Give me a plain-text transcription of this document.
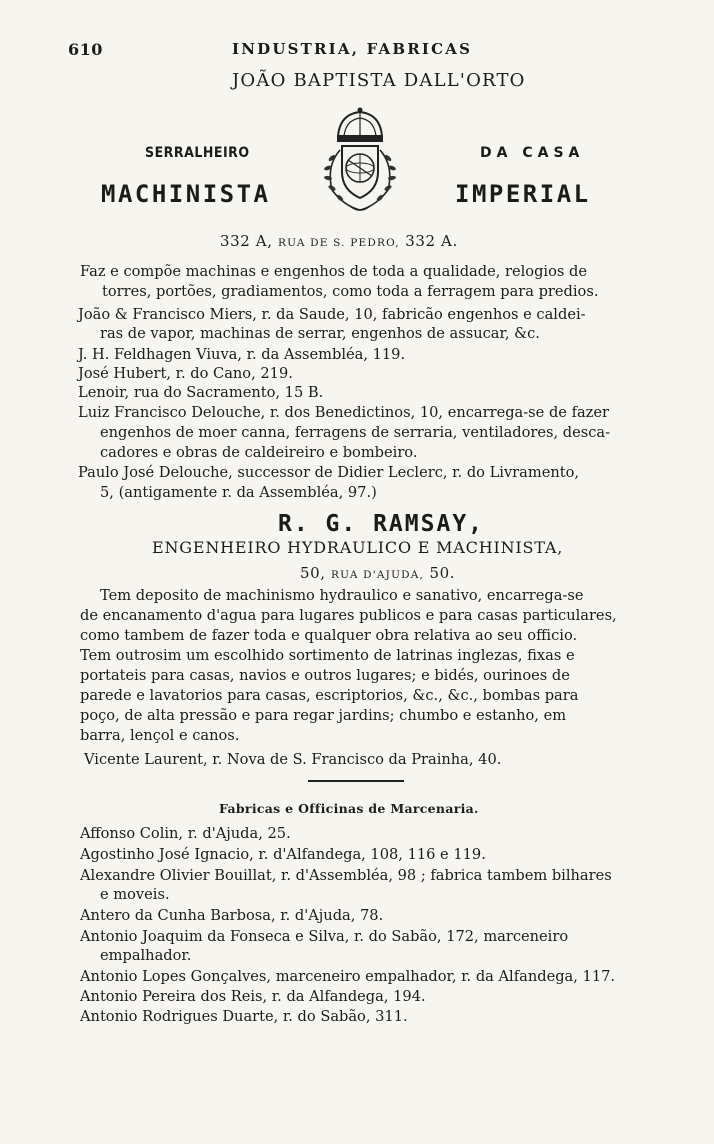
610	INDUSTRIA, FABRICAS
JOÃO BAPTISTA DALL'ORTO
SERRALHEIRO	DA CASA
MACHINISTA	IMPERIAL
332 A, RUA DE S. PEDRO, 332 A.
Faz e compõe machinas e engenhos de toda a qualidade, relogios de
torres, portões, gradiamentos, como toda a ferragem para predios.
João & Francisco Miers, r. da Saude, 10, fabricão engenhos e caldei-
ras de vapor, machinas de serrar, engenhos de assucar, &c.
J. H. Feldhagen Viuva, r. da Assembléa, 119.
José Hubert, r. do Cano, 219.
Lenoir, rua do Sacramento, 15 B.
Luiz Francisco Delouche, r. dos Benedictinos, 10, encarrega-se de fazer
engenhos de moer canna, ferragens de serraria, ventiladores, desca-
cadores e obras de caldeireiro e bombeiro.
Paulo José Delouche, successor de Didier Leclerc, r. do Livramento,
5, (antigamente r. da Assembléa, 97.)
R. G. RAMSAY,
ENGENHEIRO HYDRAULICO E MACHINISTA,
50, RUA D'AJUDA, 50.
Tem deposito de machinismo hydraulico e sanativo, encarrega-se
de encanamento d'agua para lugares publicos e para casas particulares,
como tambem de fazer toda e qualquer obra relativa ao seu officio.
Tem outrosim um escolhido sortimento de latrinas inglezas, fixas e
portateis para casas, navios e outros lugares; e bidés, ourinoes de
parede e lavatorios para casas, escriptorios, &c., &c., bombas para
poço, de alta pressão e para regar jardins; chumbo e estanho, em
barra, lençol e canos.
Vicente Laurent, r. Nova de S. Francisco da Prainha, 40.
Fabricas e Officinas de Marcenaria.
Affonso Colin, r. d'Ajuda, 25.
Agostinho José Ignacio, r. d'Alfandega, 108, 116 e 119.
Alexandre Olivier Bouillat, r. d'Assembléa, 98 ; fabrica tambem bilhares
e moveis.
Antero da Cunha Barbosa, r. d'Ajuda, 78.
Antonio Joaquim da Fonseca e Silva, r. do Sabão, 172, marceneiro
empalhador.
Antonio Lopes Gonçalves, marceneiro empalhador, r. da Alfandega, 117.
Antonio Pereira dos Reis, r. da Alfandega, 194.
Antonio Rodrigues Duarte, r. do Sabão, 311.
